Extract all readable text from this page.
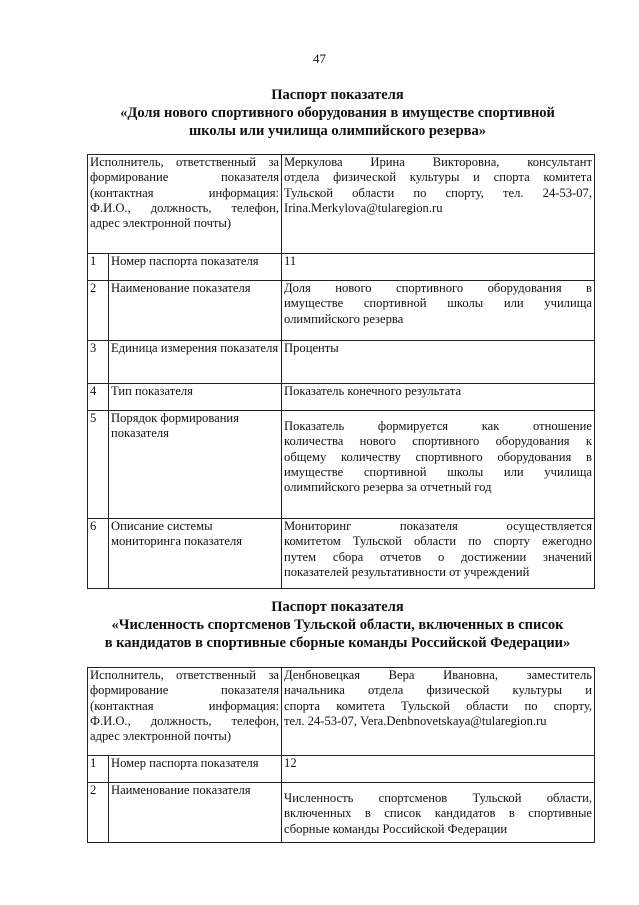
47
Паспорт показателя
«Доля нового спортивного оборудования в имуществе спортивной
школы или училища олимпийского резерва»
Исполнитель, ответственный за
формирование показателя
(контактная информация:
Ф.И.О., должность, телефон,
адрес электронной почты)		Меркулова Ирина Викторовна, консультант
отдела физической культуры и спорта комитета
Тульской области по спорту, тел. 24-53-07,
Irina.Merkylova@tularegion.ru

1	Номер паспорта показателя	11

2	Наименование показателя	Доля нового спортивного оборудования в
имуществе спортивной школы или училища
олимпийского резерва

3	Единица измерения показателя	Проценты

4	Тип показателя	Показатель конечного результата

5	Порядок формирования показателя	Показатель формируется как отношение
количества нового спортивного оборудования к
общему количеству спортивного оборудования в
имуществе спортивной школы или училища
олимпийского резерва за отчетный год

6	Описание системы мониторинга показателя	Мониторинг показателя осуществляется
комитетом Тульской области по спорту ежегодно
путем сбора отчетов о достижении значений
показателей результативности от учреждений
Паспорт показателя
«Численность спортсменов Тульской области, включенных в список
в кандидатов в спортивные сборные команды Российской Федерации»
Исполнитель, ответственный за
формирование показателя
(контактная информация:
Ф.И.О., должность, телефон,
адрес электронной почты)		Денбновецкая Вера Ивановна, заместитель
начальника отдела физической культуры и
спорта комитета Тульской области по спорту,
тел. 24-53-07, Vera.Denbnovetskaya@tularegion.ru

1	Номер паспорта показателя	12

2	Наименование показателя	Численность спортсменов Тульской области,
включенных в список кандидатов в спортивные
сборные команды Российской Федерации
